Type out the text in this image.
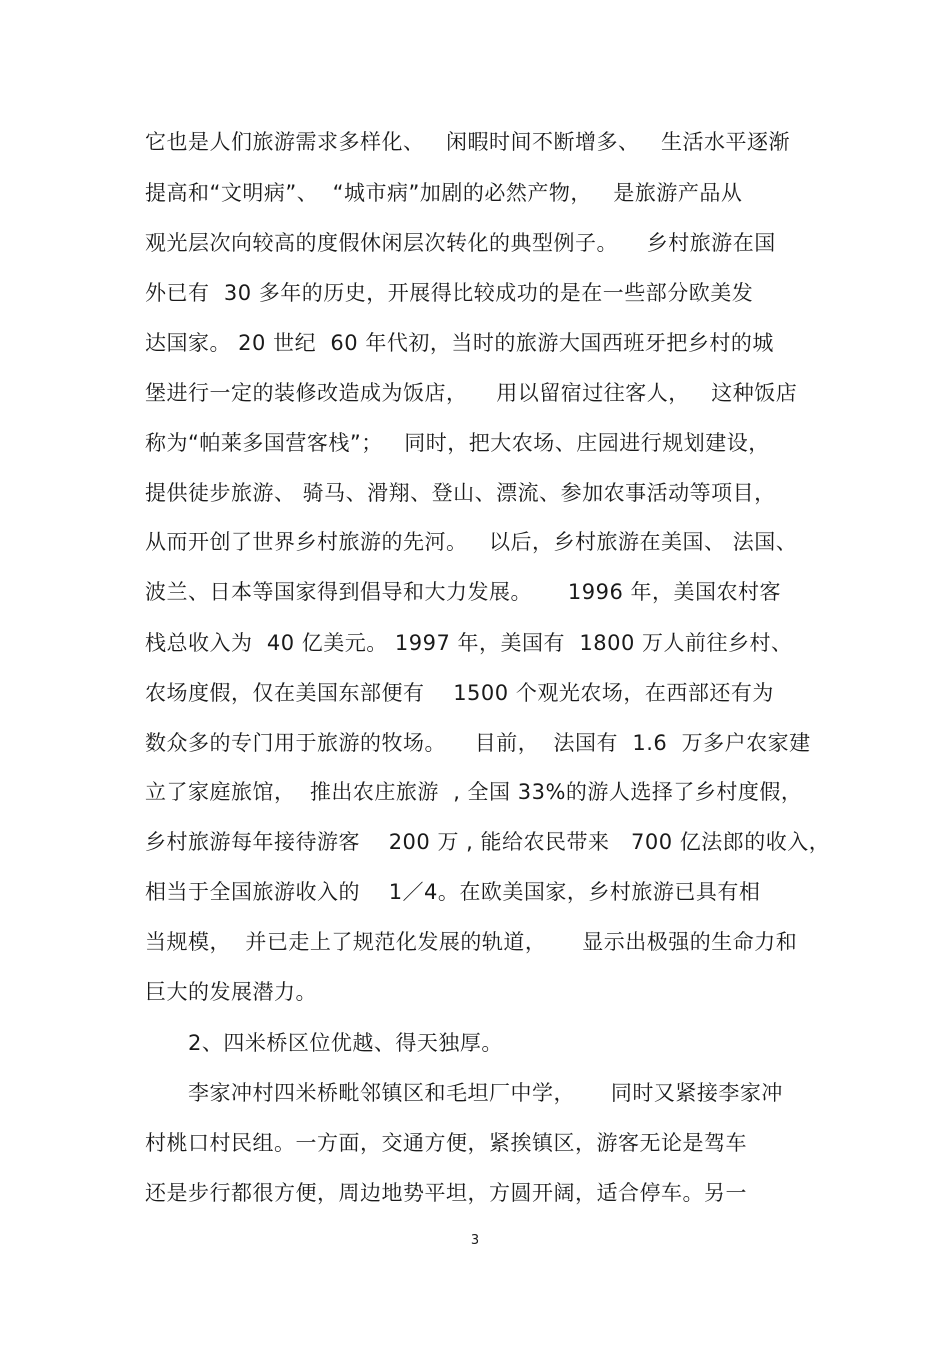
它也是人们旅游需求多样化、   闲暇时间不断增多、   生活水平逐渐
提高和“文明病”、  “城市病”加剧的必然产物，   是旅游产品从
观光层次向较高的度假休闲层次转化的典型例子。    乡村旅游在国
外已有  30 多年的历史，开展得比较成功的是在一些部分欧美发
达国家。 20 世纪  60 年代初，当时的旅游大国西班牙把乡村的城
堡进行一定的装修改造成为饭店，    用以留宿过往客人，   这种饭店
称为“帕莱多国营客栈”；   同时，把大农场、庄园进行规划建设，
提供徒步旅游、 骑马、滑翔、登山、漂流、参加农事活动等项目，
从而开创了世界乡村旅游的先河。   以后，乡村旅游在美国、 法国、
波兰、日本等国家得到倡导和大力发展。     1996 年，美国农村客
栈总收入为  40 亿美元。 1997 年，美国有  1800 万人前往乡村、
农场度假，仅在美国东部便有    1500 个观光农场，在西部还有为
数众多的专门用于旅游的牧场。    目前，  法国有  1.6  万多户农家建
立了家庭旅馆，  推出农庄旅游  , 全国 33%的游人选择了乡村度假，
乡村旅游每年接待游客    200 万 , 能给农民带来   700 亿法郎的收入，
相当于全国旅游收入的    1／4。在欧美国家，乡村旅游已具有相
当规模，  并已走上了规范化发展的轨道，     显示出极强的生命力和
巨大的发展潜力。
2、四米桥区位优越、得天独厚。
李家冲村四米桥毗邻镇区和毛坦厂中学，     同时又紧接李家冲
村桃口村民组。一方面，交通方便，紧挨镇区，游客无论是驾车
还是步行都很方便，周边地势平坦，方圆开阔，适合停车。另一
3
